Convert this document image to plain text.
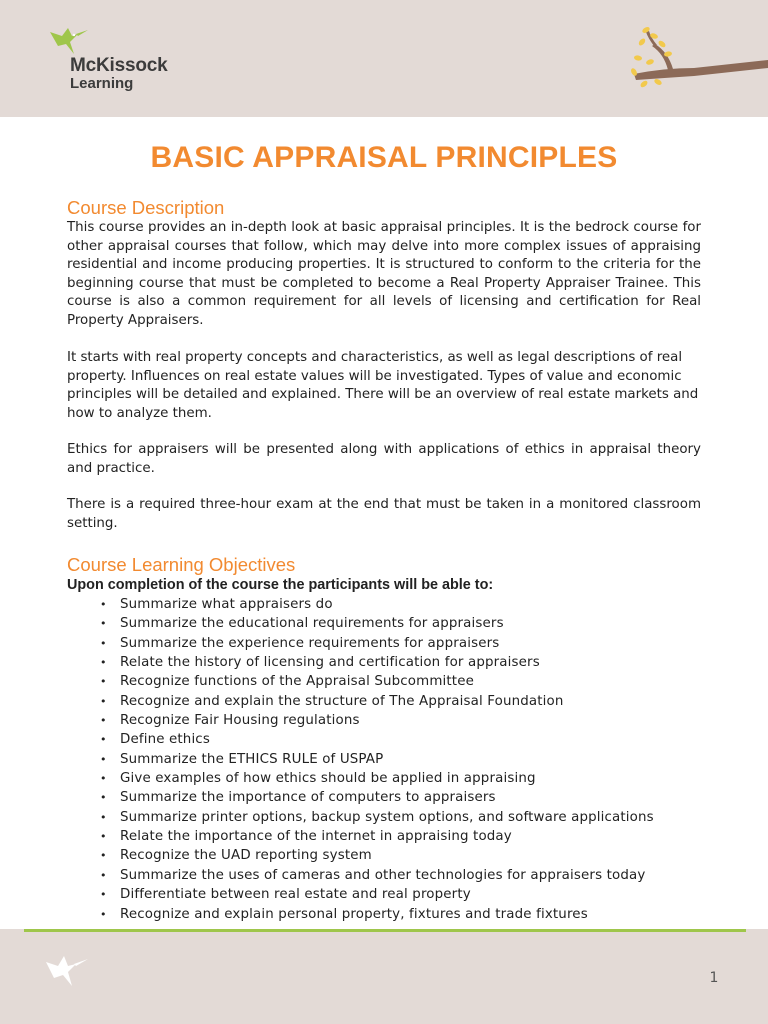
McKissock
Learning
BASIC APPRAISAL PRINCIPLES
Course Description

This course provides an in-depth look at basic appraisal principles. It is the bedrock course for other appraisal courses that follow, which may delve into more complex issues of appraising residential and income producing properties. It is structured to conform to the criteria for the beginning course that must be completed to become a Real Property Appraiser Trainee. This course is also a common requirement for all levels of licensing and certification for Real Property Appraisers.

It starts with real property concepts and characteristics, as well as legal descriptions of real property. Influences on real estate values will be investigated. Types of value and economic principles will be detailed and explained. There will be an overview of real estate markets and how to analyze them.

Ethics for appraisers will be presented along with applications of ethics in appraisal theory and practice.

There is a required three-hour exam at the end that must be taken in a monitored classroom setting.

Course Learning Objectives

Upon completion of the course the participants will be able to:

• Summarize what appraisers do
• Summarize the educational requirements for appraisers
• Summarize the experience requirements for appraisers
• Relate the history of licensing and certification for appraisers
• Recognize functions of the Appraisal Subcommittee
• Recognize and explain the structure of The Appraisal Foundation
• Recognize Fair Housing regulations
• Define ethics
• Summarize the ETHICS RULE of USPAP
• Give examples of how ethics should be applied in appraising
• Summarize the importance of computers to appraisers
• Summarize printer options, backup system options, and software applications
• Relate the importance of the internet in appraising today
• Recognize the UAD reporting system
• Summarize the uses of cameras and other technologies for appraisers today
• Differentiate between real estate and real property
• Recognize and explain personal property, fixtures and trade fixtures
1
